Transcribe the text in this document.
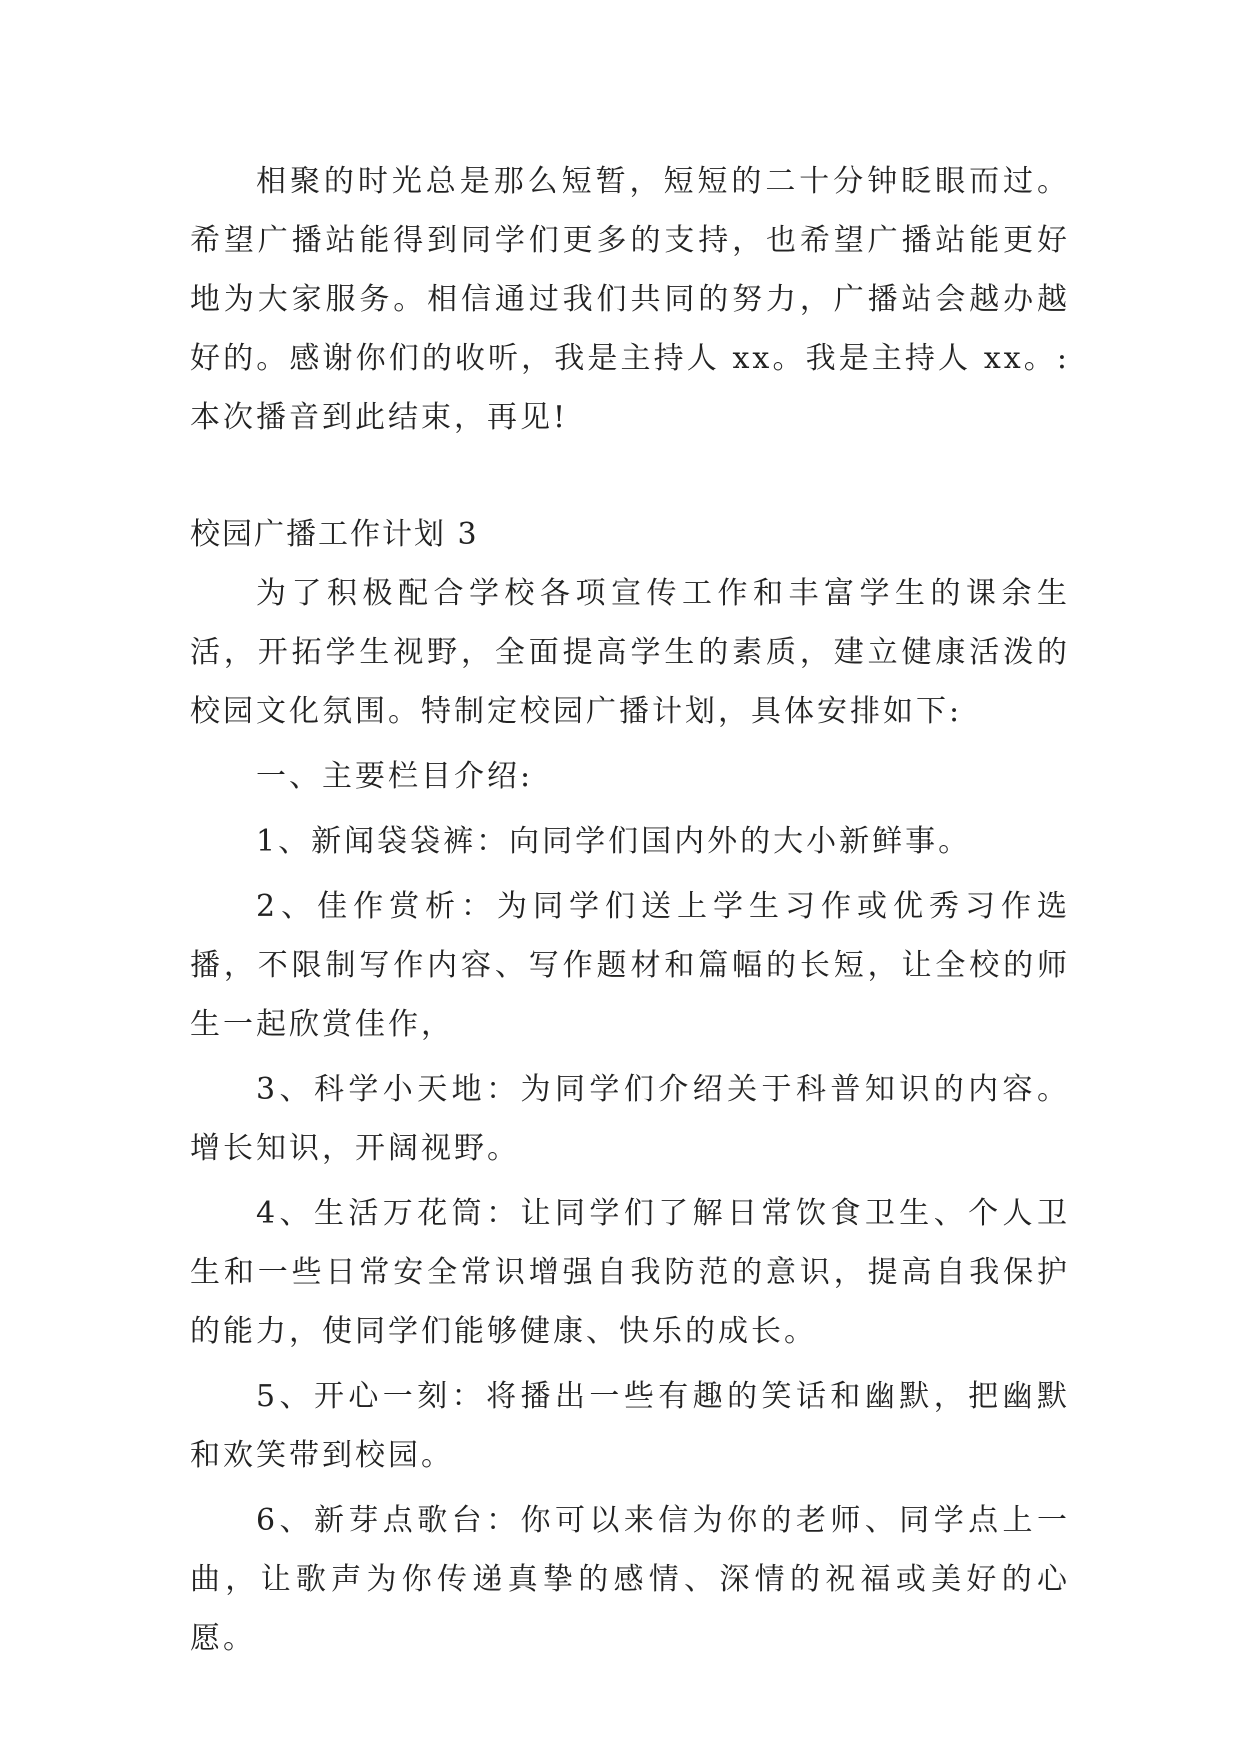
相聚的时光总是那么短暂，短短的二十分钟眨眼而过。希望广播站能得到同学们更多的支持，也希望广播站能更好地为大家服务。相信通过我们共同的努力，广播站会越办越好的。感谢你们的收听，我是主持人 xx。我是主持人 xx。:本次播音到此结束，再见!

校园广播工作计划 3

为了积极配合学校各项宣传工作和丰富学生的课余生活，开拓学生视野，全面提高学生的素质，建立健康活泼的校园文化氛围。特制定校园广播计划，具体安排如下:

一、主要栏目介绍:

1、新闻袋袋裤：向同学们国内外的大小新鲜事。

2、佳作赏析：为同学们送上学生习作或优秀习作选播，不限制写作内容、写作题材和篇幅的长短，让全校的师生一起欣赏佳作，

3、科学小天地：为同学们介绍关于科普知识的内容。增长知识，开阔视野。

4、生活万花筒：让同学们了解日常饮食卫生、个人卫生和一些日常安全常识增强自我防范的意识，提高自我保护的能力，使同学们能够健康、快乐的成长。

5、开心一刻：将播出一些有趣的笑话和幽默，把幽默和欢笑带到校园。

6、新芽点歌台：你可以来信为你的老师、同学点上一曲，让歌声为你传递真挚的感情、深情的祝福或美好的心愿。
